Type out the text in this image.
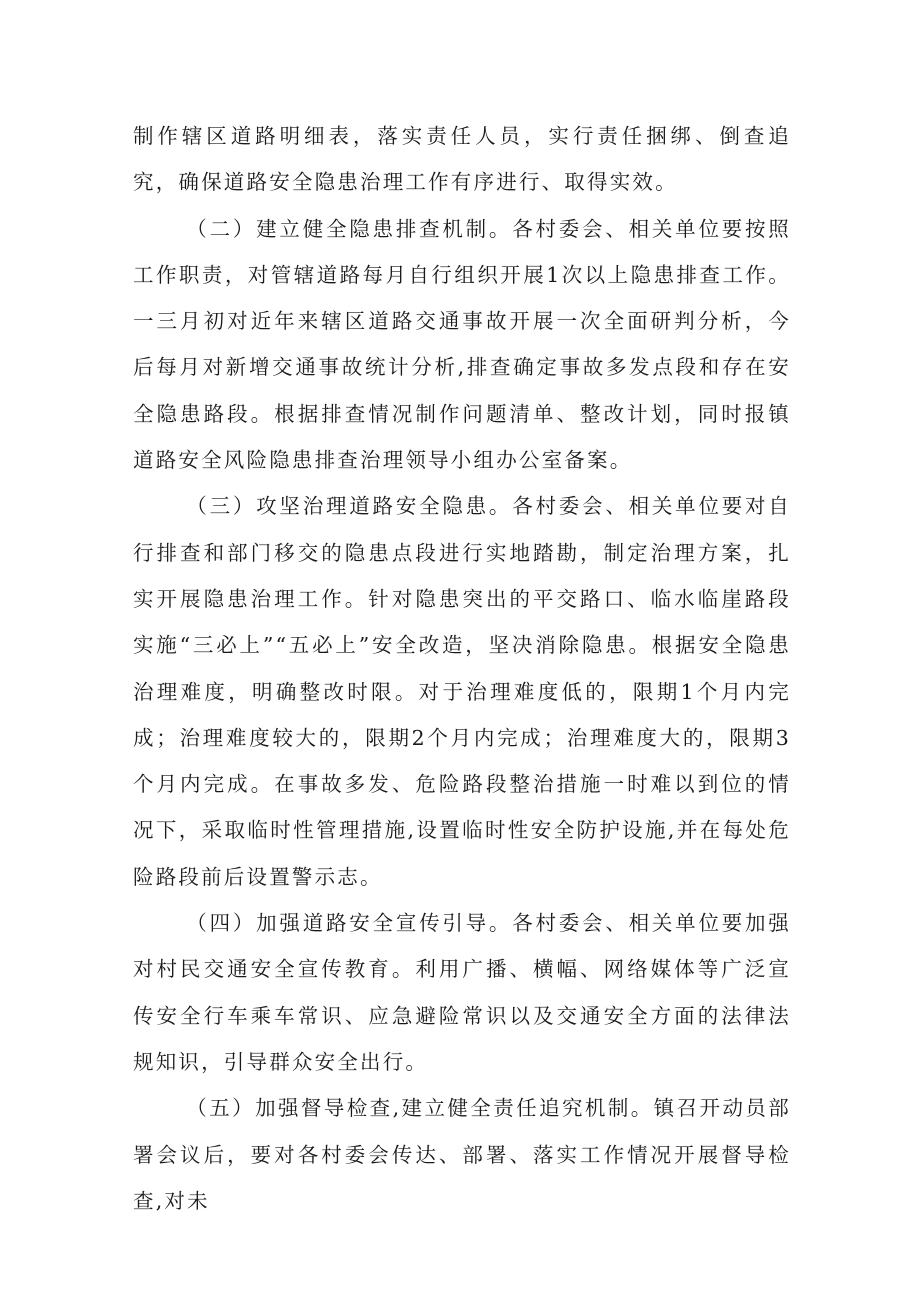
制作辖区道路明细表，落实责任人员，实行责任捆绑、倒查追究，确保道路安全隐患治理工作有序进行、取得实效。

（二）建立健全隐患排查机制。各村委会、相关单位要按照工作职责，对管辖道路每月自行组织开展1次以上隐患排查工作。一三月初对近年来辖区道路交通事故开展一次全面研判分析，今后每月对新增交通事故统计分析,排查确定事故多发点段和存在安全隐患路段。根据排查情况制作问题清单、整改计划，同时报镇道路安全风险隐患排查治理领导小组办公室备案。

（三）攻坚治理道路安全隐患。各村委会、相关单位要对自行排查和部门移交的隐患点段进行实地踏勘，制定治理方案，扎实开展隐患治理工作。针对隐患突出的平交路口、临水临崖路段实施“三必上”“五必上”安全改造，坚决消除隐患。根据安全隐患治理难度，明确整改时限。对于治理难度低的，限期1个月内完成；治理难度较大的，限期2个月内完成；治理难度大的，限期3个月内完成。在事故多发、危险路段整治措施一时难以到位的情况下，采取临时性管理措施,设置临时性安全防护设施,并在每处危险路段前后设置警示志。

（四）加强道路安全宣传引导。各村委会、相关单位要加强对村民交通安全宣传教育。利用广播、横幅、网络媒体等广泛宣传安全行车乘车常识、应急避险常识以及交通安全方面的法律法规知识，引导群众安全出行。

（五）加强督导检查,建立健全责任追究机制。镇召开动员部署会议后，要对各村委会传达、部署、落实工作情况开展督导检查,对未
